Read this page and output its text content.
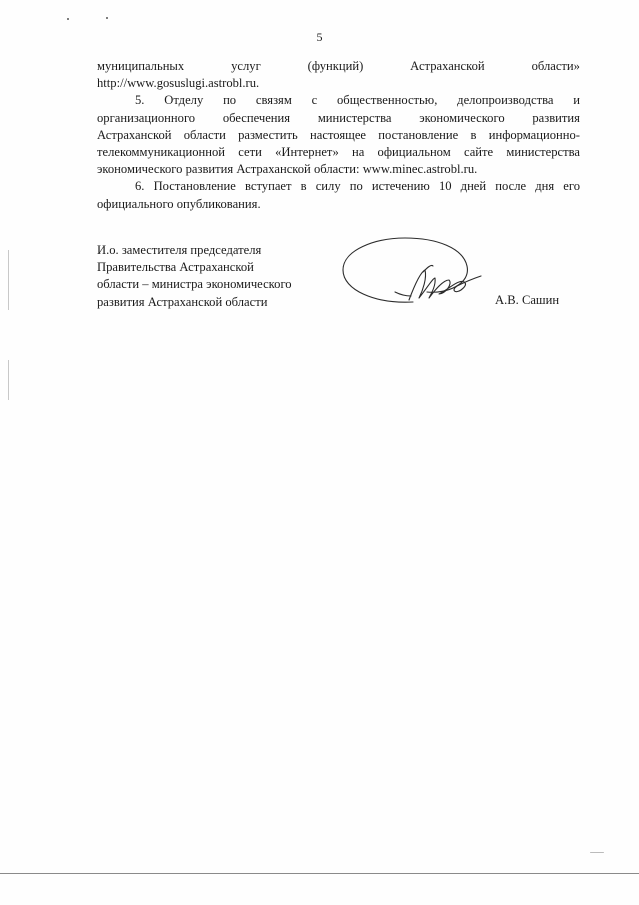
5
муниципальных	услуг	(функций)	Астраханской	области»
http://www.gosuslugi.astrobl.ru.
5. Отделу по связям с общественностью, делопроизводства и
организационного обеспечения министерства экономического развития
Астраханской области разместить настоящее постановление в информационно-телекоммуникационной сети «Интернет» на официальном сайте министерства экономического развития Астраханской области: www.minec.astrobl.ru.
6. Постановление вступает в силу по истечению 10 дней после дня его официального опубликования.
И.о. заместителя председателя
Правительства Астраханской
области – министра экономического
развития Астраханской области	А.В. Сашин
